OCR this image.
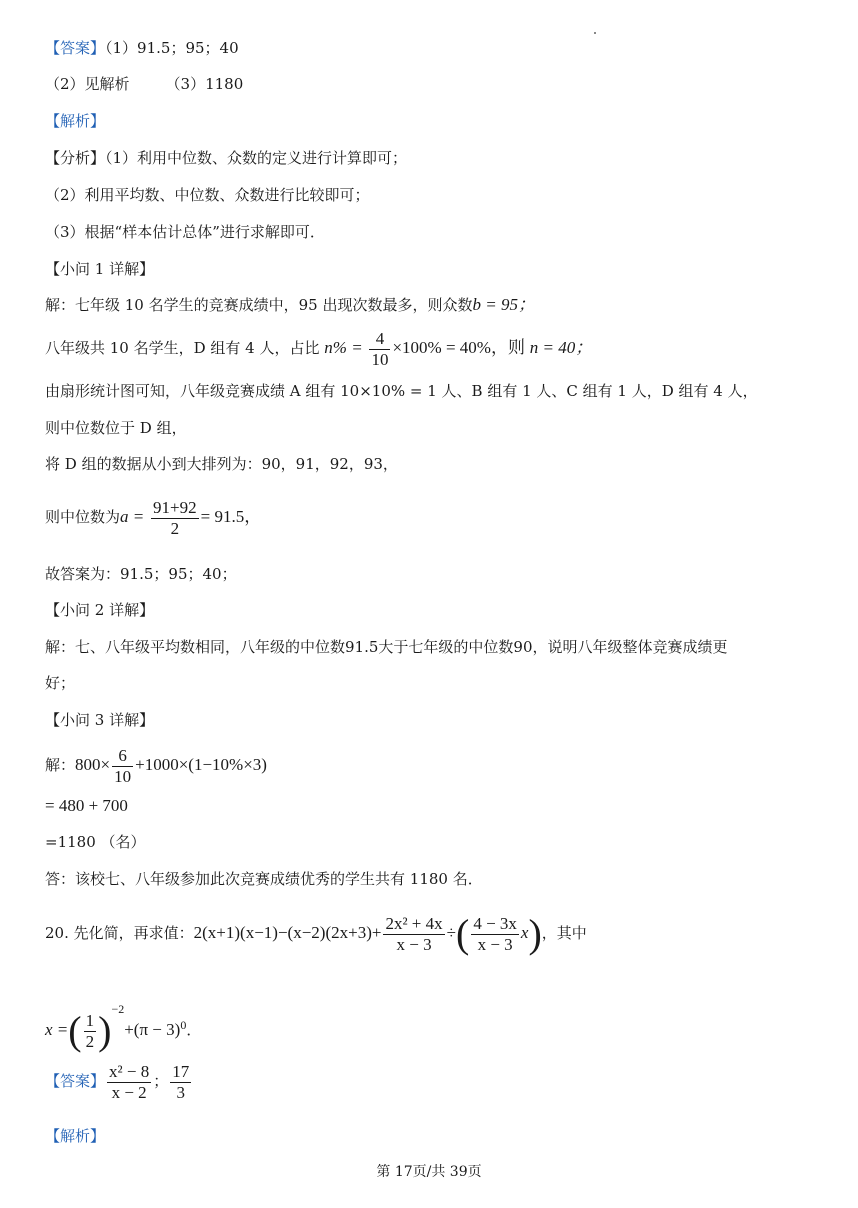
【答案】（1）91.5；95；40
（2）见解析 （3）1180
【解析】
【分析】（1）利用中位数、众数的定义进行计算即可；
（2）利用平均数、中位数、众数进行比较即可；
（3）根据“样本估计总体”进行求解即可．
【小问 1 详解】
解：七年级 10 名学生的竞赛成绩中，95 出现次数最多，则众数b = 95；
八年级共 10 名学生，D 组有 4 人，占比 $n\% = \frac{4}{10} \times 100\% = 40\%$，则 n = 40；
由扇形统计图可知，八年级竞赛成绩 A 组有 10×10% = 1 人、B 组有 1 人、C 组有 1 人，D 组有 4 人，
则中位数位于 D 组，
将 D 组的数据从小到大排列为：90，91，92，93，
则中位数为$a = \frac{91+92}{2} = 91.5$，
故答案为：91.5；95；40；
【小问 2 详解】
解：七、八年级平均数相同，八年级的中位数91.5大于七年级的中位数90，说明八年级整体竞赛成绩更
好；
【小问 3 详解】
解：$800\times \frac{6}{10} +1000\times(1-10\%\times 3)$
= 480 + 700
=1180 （名）
答：该校七、八年级参加此次竞赛成绩优秀的学生共有 1180 名．
20. 先化简，再求值：$2(x+1)(x-1)-(x-2)(2x+3)+ \frac{\text{2x² + 4x}}{x - 3}$ ÷( $\frac{4 - 3x}{x - 3} x$)，其中
x =( $\frac{1}{2} )^{-2}+(\pi - 3)^0$．
【答案】 $\frac{\text{x² − 8}}{x - 2}$ ； $\frac{17}{3}$
【解析】
第 17页/共 39页
